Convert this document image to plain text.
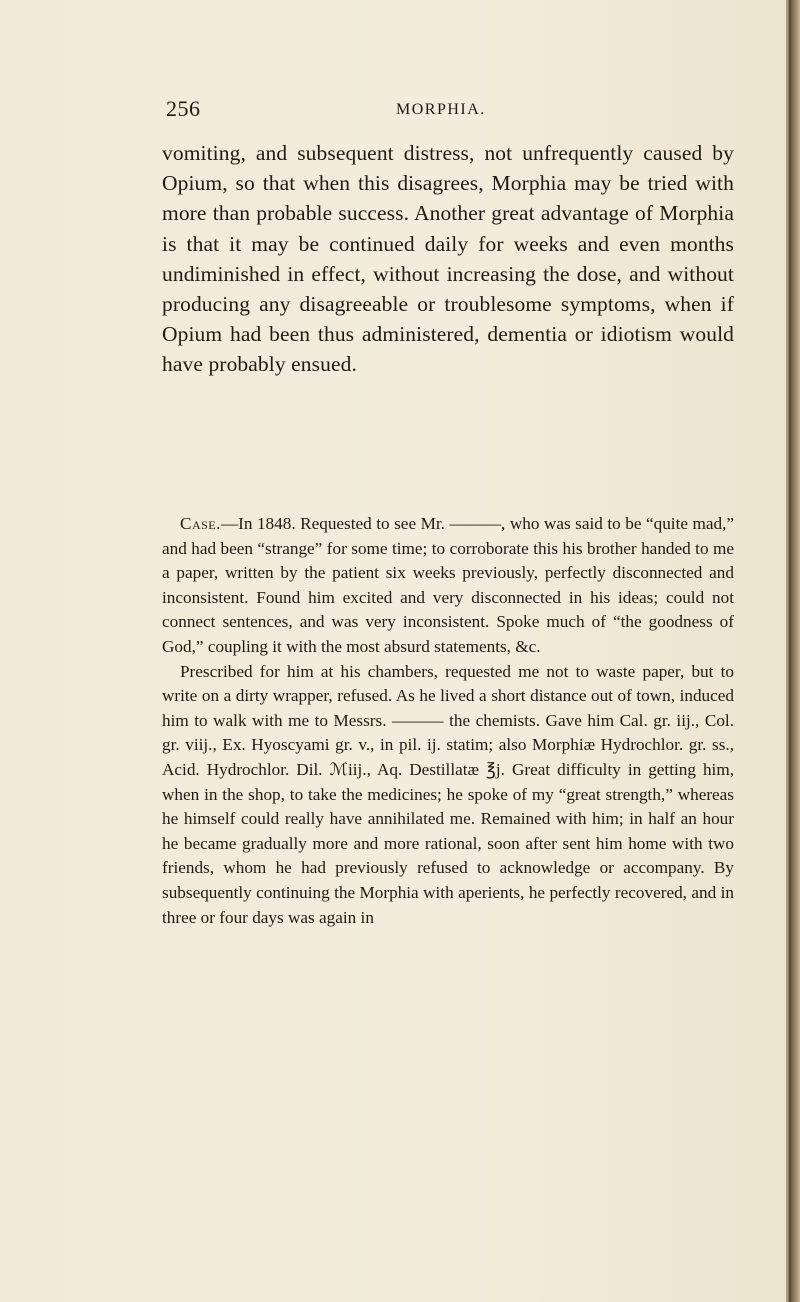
256	MORPHIA.

vomiting, and subsequent distress, not unfrequently caused by Opium, so that when this disagrees, Morphia may be tried with more than probable success. Another great advantage of Morphia is that it may be continued daily for weeks and even months undiminished in effect, without increasing the dose, and without producing any disagreeable or troublesome symptoms, when if Opium had been thus administered, dementia or idiotism would have probably ensued.

Case.—In 1848. Requested to see Mr. ———, who was said to be “quite mad,” and had been “strange” for some time; to corroborate this his brother handed to me a paper, written by the patient six weeks previously, perfectly disconnected and inconsistent. Found him excited and very disconnected in his ideas; could not connect sentences, and was very inconsistent. Spoke much of “the goodness of God,” coupling it with the most absurd statements, &c.

Prescribed for him at his chambers, requested me not to waste paper, but to write on a dirty wrapper, refused. As he lived a short distance out of town, induced him to walk with me to Messrs. ——— the chemists. Gave him Cal. gr. iij., Col. gr. viij., Ex. Hyoscyami gr. v., in pil. ij. statim; also Morphiæ Hydrochlor. gr. ss., Acid. Hydrochlor. Dil. ℳiij., Aq. Destillatæ ℥j. Great difficulty in getting him, when in the shop, to take the medicines; he spoke of my “great strength,” whereas he himself could really have annihilated me. Remained with him; in half an hour he became gradually more and more rational, soon after sent him home with two friends, whom he had previously refused to acknowledge or accompany. By subsequently continuing the Morphia with aperients, he perfectly recovered, and in three or four days was again in
